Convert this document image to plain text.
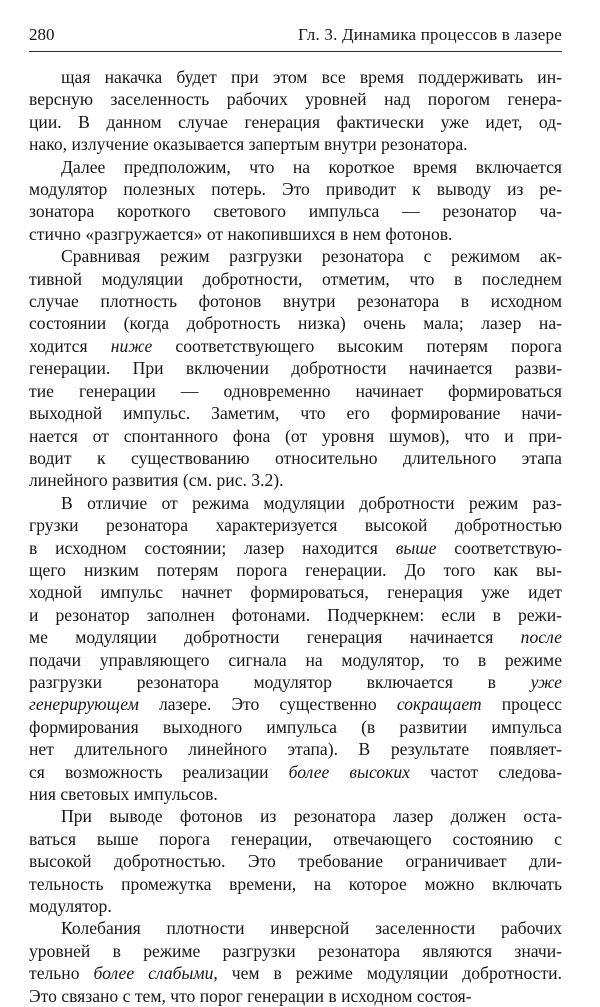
280	Гл. 3. Динамика процессов в лазере
щая накачка будет при этом все время поддерживать ин-
версную заселенность рабочих уровней над порогом генера-
ции. В данном случае генерация фактически уже идет, од-
нако, излучение оказывается запертым внутри резонатора.
Далее предположим, что на короткое время включается
модулятор полезных потерь. Это приводит к выводу из ре-
зонатора короткого светового импульса — резонатор ча-
стично «разгружается» от накопившихся в нем фотонов.
Сравнивая режим разгрузки резонатора с режимом ак-
тивной модуляции добротности, отметим, что в последнем
случае плотность фотонов внутри резонатора в исходном
состоянии (когда добротность низка) очень мала; лазер на-
ходится ниже соответствующего высоким потерям порога
генерации. При включении добротности начинается разви-
тие генерации — одновременно начинает формироваться
выходной импульс. Заметим, что его формирование начи-
нается от спонтанного фона (от уровня шумов), что и при-
водит к существованию относительно длительного этапа
линейного развития (см. рис. 3.2).
В отличие от режима модуляции добротности режим раз-
грузки резонатора характеризуется высокой добротностью
в исходном состоянии; лазер находится выше соответствую-
щего низким потерям порога генерации. До того как вы-
ходной импульс начнет формироваться, генерация уже идет
и резонатор заполнен фотонами. Подчеркнем: если в режи-
ме модуляции добротности генерация начинается после
подачи управляющего сигнала на модулятор, то в режиме
разгрузки резонатора модулятор включается в уже
генерирующем лазере. Это существенно сокращает процесс
формирования выходного импульса (в развитии импульса
нет длительного линейного этапа). В результате появляет-
ся возможность реализации более высоких частот следова-
ния световых импульсов.
При выводе фотонов из резонатора лазер должен оста-
ваться выше порога генерации, отвечающего состоянию с
высокой добротностью. Это требование ограничивает дли-
тельность промежутка времени, на которое можно включать
модулятор.
Колебания плотности инверсной заселенности рабочих
уровней в режиме разгрузки резонатора являются значи-
тельно более слабыми, чем в режиме модуляции добротности.
Это связано с тем, что порог генерации в исходном состоя-
